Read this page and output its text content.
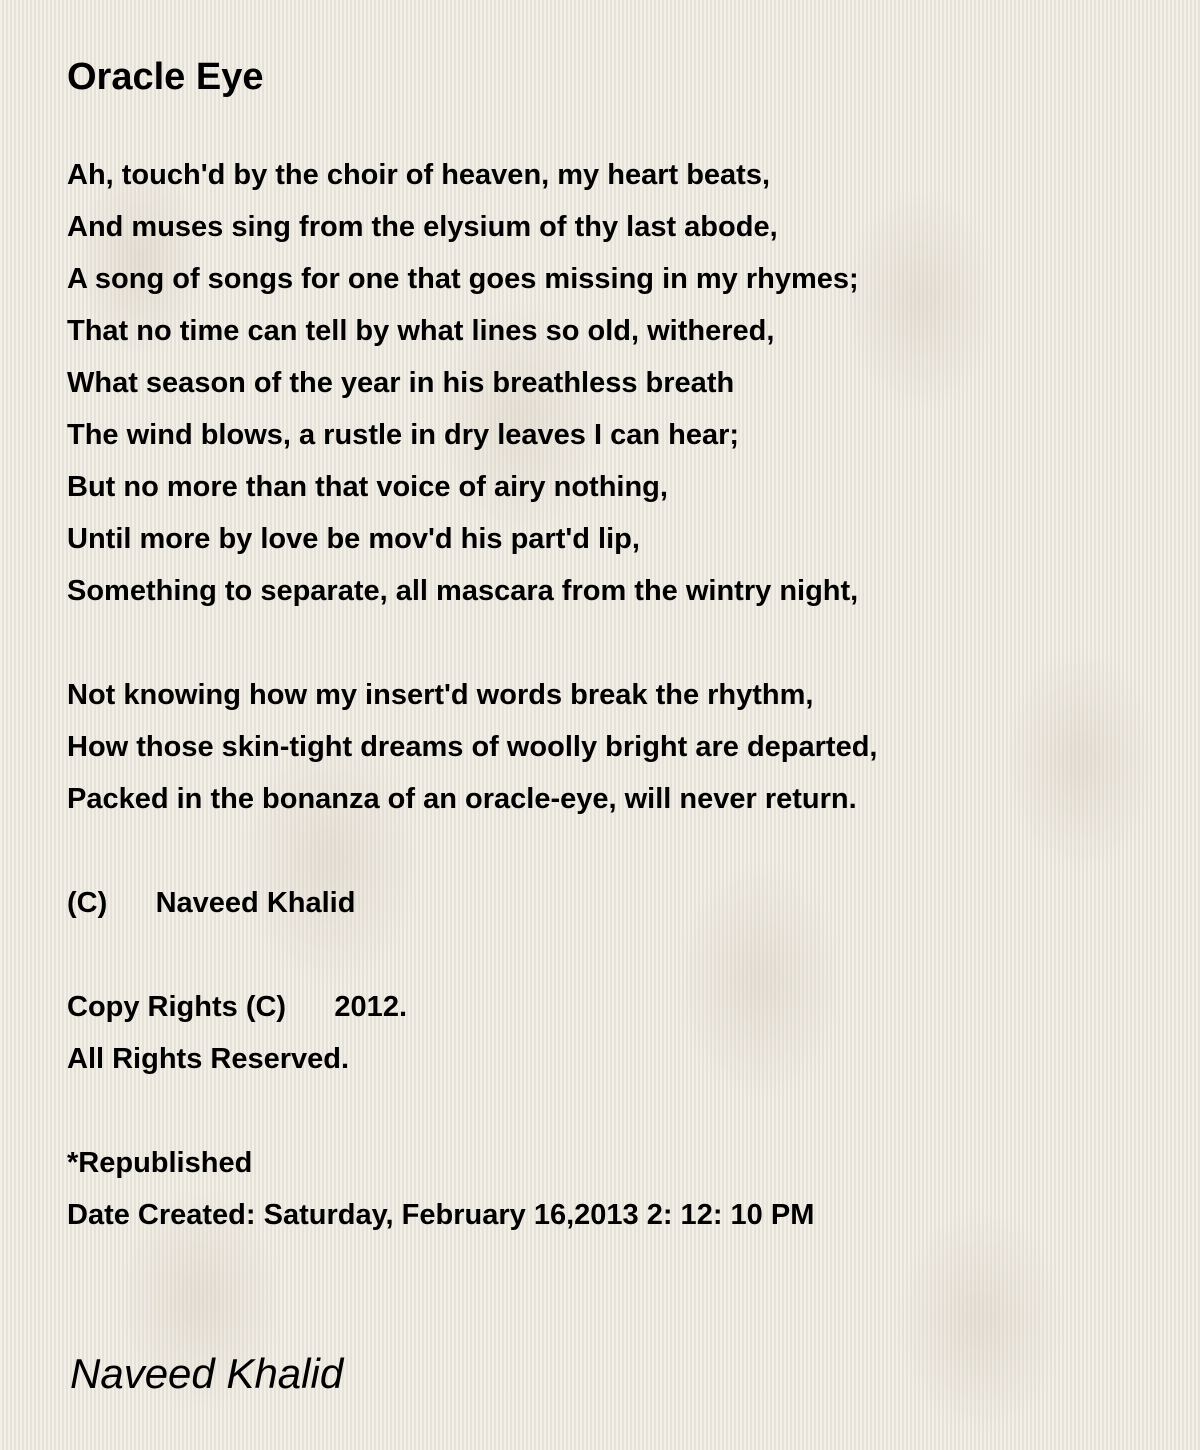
Oracle Eye
Ah, touch'd by the choir of heaven, my heart beats,
And muses sing from the elysium of thy last abode,
A song of songs for one that goes missing in my rhymes;
That no time can tell by what lines so old, withered,
What season of the year in his breathless breath
The wind blows, a rustle in dry leaves I can hear;
But no more than that voice of airy nothing,
Until more by love be mov'd his part'd lip,
Something to separate, all mascara from the wintry night,
Not knowing how my insert'd words break the rhythm,
How those skin-tight dreams of woolly bright are departed,
Packed in the bonanza of an oracle-eye, will never return.
(C)      Naveed Khalid
Copy Rights (C)      2012.
All Rights Reserved.
*Republished
Date Created: Saturday, February 16,2013 2: 12: 10 PM
Naveed Khalid
